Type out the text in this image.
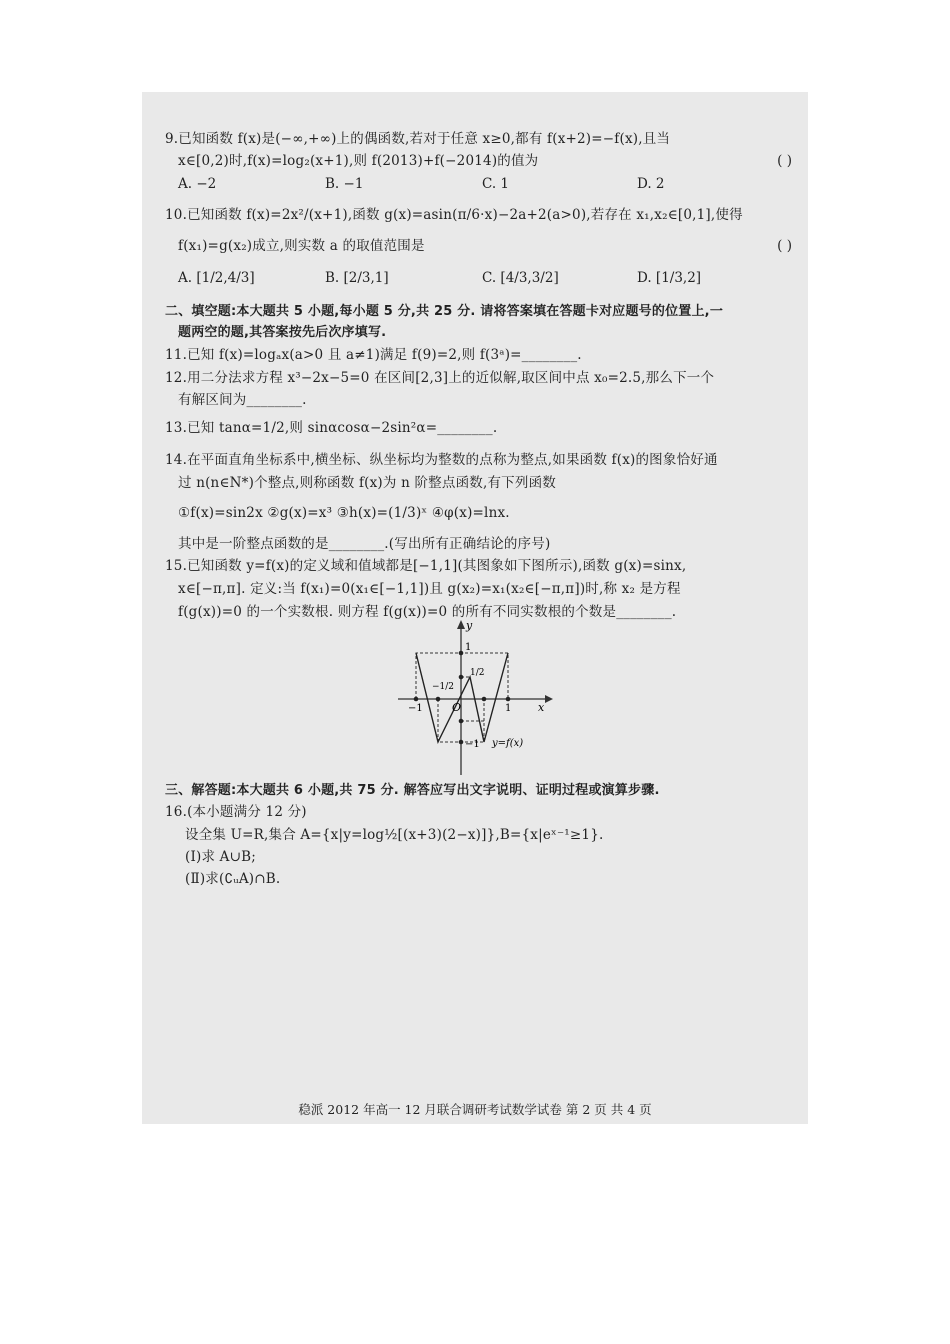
9.已知函数 f(x)是(−∞,+∞)上的偶函数,若对于任意 x≥0,都有 f(x+2)=−f(x),且当
x∈[0,2)时,f(x)=log₂(x+1),则 f(2013)+f(−2014)的值为	( )
A. −2	B. −1	C. 1	D. 2
10.已知函数 f(x)=2x²/(x+1),函数 g(x)=asin(π/6·x)−2a+2(a>0),若存在 x₁,x₂∈[0,1],使得
f(x₁)=g(x₂)成立,则实数 a 的取值范围是	( )
A. [1/2,4/3]	B. [2/3,1]	C. [4/3,3/2]	D. [1/3,2]
二、填空题:本大题共 5 小题,每小题 5 分,共 25 分. 请将答案填在答题卡对应题号的位置上,一
题两空的题,其答案按先后次序填写.
11.已知 f(x)=logₐx(a>0 且 a≠1)满足 f(9)=2,则 f(3ᵃ)=________.
12.用二分法求方程 x³−2x−5=0 在区间[2,3]上的近似解,取区间中点 x₀=2.5,那么下一个
有解区间为________.
13.已知 tanα=1/2,则 sinαcosα−2sin²α=________.
14.在平面直角坐标系中,横坐标、纵坐标均为整数的点称为整点,如果函数 f(x)的图象恰好通
过 n(n∈N*)个整点,则称函数 f(x)为 n 阶整点函数,有下列函数
①f(x)=sin2x ②g(x)=x³ ③h(x)=(1/3)ˣ ④φ(x)=lnx.
其中是一阶整点函数的是________.(写出所有正确结论的序号)
15.已知函数 y=f(x)的定义域和值域都是[−1,1](其图象如下图所示),函数 g(x)=sinx,
x∈[−π,π]. 定义:当 f(x₁)=0(x₁∈[−1,1])且 g(x₂)=x₁(x₂∈[−π,π])时,称 x₂ 是方程
f(g(x))=0 的一个实数根. 则方程 f(g(x))=0 的所有不同实数根的个数是________.
y
x
O
−1	1
1
−1
1/2
−1/2
y=f(x)
三、解答题:本大题共 6 小题,共 75 分. 解答应写出文字说明、证明过程或演算步骤.
16.(本小题满分 12 分)
设全集 U=R,集合 A={x|y=log½[(x+3)(2−x)]},B={x|eˣ⁻¹≥1}.
(Ⅰ)求 A∪B;
(Ⅱ)求(∁ᵤA)∩B.
稳派 2012 年高一 12 月联合调研考试数学试卷 第 2 页 共 4 页
